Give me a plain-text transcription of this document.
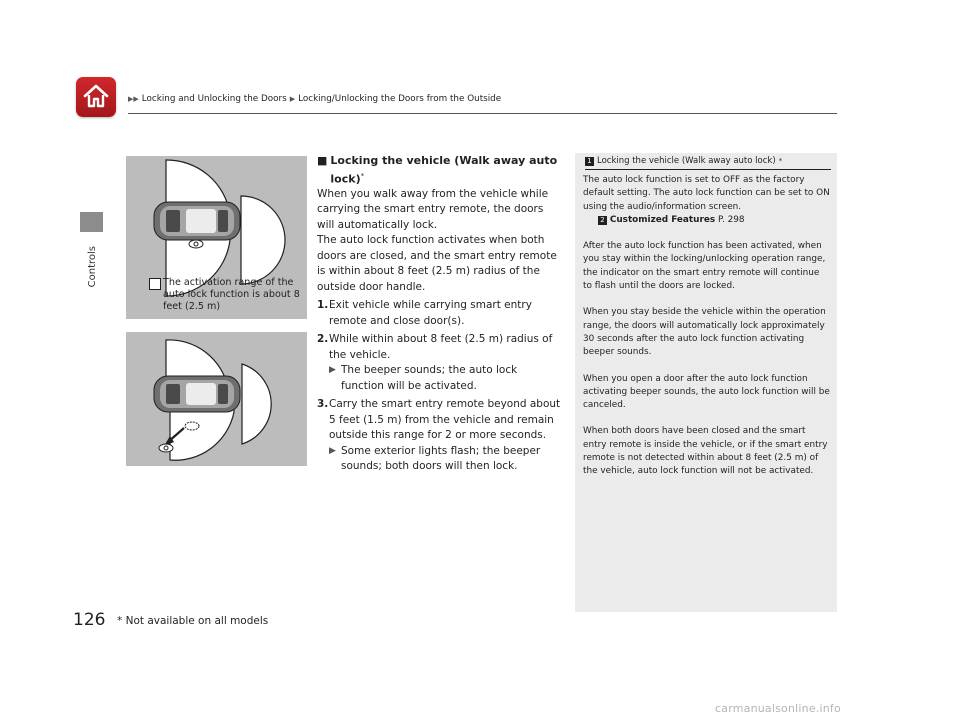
▶▶ Locking and Unlocking the Doors ▶ Locking/Unlocking the Doors from the Outside
Controls	The activation range of the auto lock function is about 8 feet (2.5 m)
■ Locking the vehicle (Walk away auto lock)*

When you walk away from the vehicle while carrying the smart entry remote, the doors will automatically lock.

The auto lock function activates when both doors are closed, and the smart entry remote is within about 8 feet (2.5 m) radius of the outside door handle.

1. Exit vehicle while carrying smart entry remote and close door(s).
2. While within about 8 feet (2.5 m) radius of the vehicle.
▶ The beeper sounds; the auto lock function will be activated.
3. Carry the smart entry remote beyond about 5 feet (1.5 m) from the vehicle and remain outside this range for 2 or more seconds.
▶ Some exterior lights flash; the beeper sounds; both doors will then lock.
1 Locking the vehicle (Walk away auto lock) *

The auto lock function is set to OFF as the factory default setting. The auto lock function can be set to ON using the audio/information screen.
2 Customized Features P. 298

After the auto lock function has been activated, when you stay within the locking/unlocking operation range, the indicator on the smart entry remote will continue to flash until the doors are locked.

When you stay beside the vehicle within the operation range, the doors will automatically lock approximately 30 seconds after the auto lock function activating beeper sounds.

When you open a door after the auto lock function activating beeper sounds, the auto lock function will be canceled.

When both doors have been closed and the smart entry remote is inside the vehicle, or if the smart entry remote is not detected within about 8 feet (2.5 m) of the vehicle, auto lock function will not be activated.

126 * Not available on all models
carmanualsonline.info
